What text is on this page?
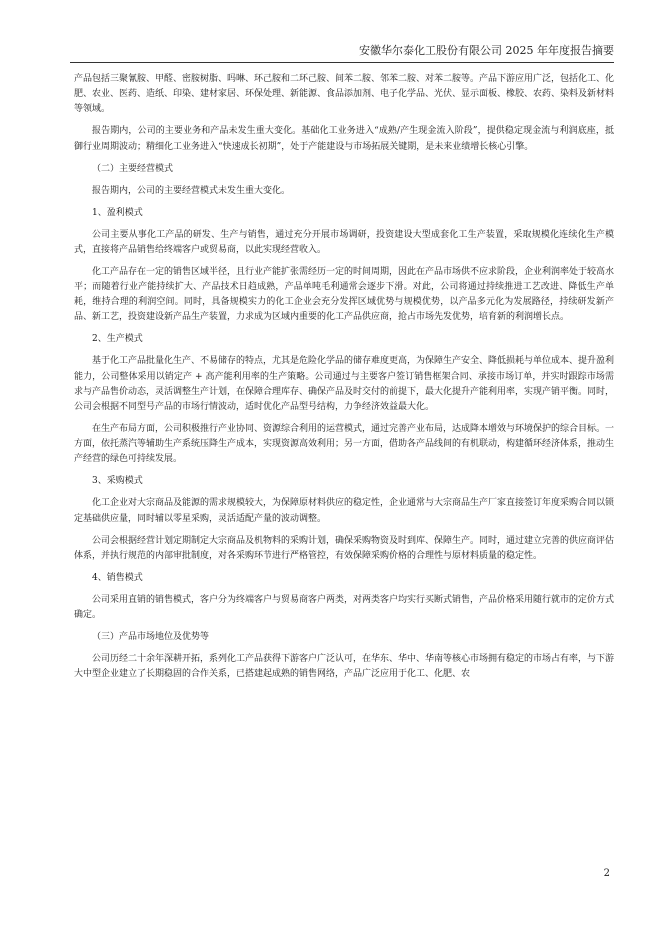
安徽华尔泰化工股份有限公司 2025 年年度报告摘要

产品包括三聚氰胺、甲醛、密胺树脂、吗啉、环己胺和二环己胺、间苯二胺、邻苯二胺、对苯二胺等。产品下游应用广泛，包括化工、化肥、农业、医药、造纸、印染、建材家居、环保处理、新能源、食品添加剂、电子化学品、光伏、显示面板、橡胶、农药、染料及新材料等领域。

报告期内，公司的主要业务和产品未发生重大变化。基础化工业务进入“成熟/产生现金流入阶段”，提供稳定现金流与利润底座，抵御行业周期波动；精细化工业务进入“快速成长初期”，处于产能建设与市场拓展关键期，是未来业绩增长核心引擎。

（二）主要经营模式

报告期内，公司的主要经营模式未发生重大变化。

1、盈利模式

公司主要从事化工产品的研发、生产与销售，通过充分开展市场调研，投资建设大型成套化工生产装置，采取规模化连续化生产模式，直接将产品销售给终端客户或贸易商，以此实现经营收入。

化工产品存在一定的销售区域半径，且行业产能扩张需经历一定的时间周期，因此在产品市场供不应求阶段，企业利润率处于较高水平；而随着行业产能持续扩大、产品技术日趋成熟，产品单吨毛利通常会逐步下滑。对此，公司将通过持续推进工艺改进、降低生产单耗，维持合理的利润空间。同时，具备规模实力的化工企业会充分发挥区域优势与规模优势，以产品多元化为发展路径，持续研发新产品、新工艺，投资建设新产品生产装置，力求成为区域内重要的化工产品供应商，抢占市场先发优势，培育新的利润增长点。

2、生产模式

基于化工产品批量化生产、不易储存的特点，尤其是危险化学品的储存难度更高，为保障生产安全、降低损耗与单位成本、提升盈利能力，公司整体采用以销定产 + 高产能利用率的生产策略。公司通过与主要客户签订销售框架合同、承接市场订单，并实时跟踪市场需求与产品售价动态，灵活调整生产计划，在保障合理库存、确保产品及时交付的前提下，最大化提升产能利用率，实现产销平衡。同时，公司会根据不同型号产品的市场行情波动，适时优化产品型号结构，力争经济效益最大化。

在生产布局方面，公司积极推行产业协同、资源综合利用的运营模式，通过完善产业布局，达成降本增效与环境保护的综合目标。一方面，依托蒸汽等辅助生产系统压降生产成本，实现资源高效利用；另一方面，借助各产品线间的有机联动，构建循环经济体系，推动生产经营的绿色可持续发展。

3、采购模式

化工企业对大宗商品及能源的需求规模较大，为保障原材料供应的稳定性，企业通常与大宗商品生产厂家直接签订年度采购合同以锁定基础供应量，同时辅以零星采购，灵活适配产量的波动调整。

公司会根据经营计划定期制定大宗商品及机物料的采购计划，确保采购物资及时到库、保障生产。同时，通过建立完善的供应商评估体系，并执行规范的内部审批制度，对各采购环节进行严格管控，有效保障采购价格的合理性与原材料质量的稳定性。

4、销售模式

公司采用直销的销售模式，客户分为终端客户与贸易商客户两类，对两类客户均实行买断式销售，产品价格采用随行就市的定价方式确定。

（三）产品市场地位及优势等

公司历经二十余年深耕开拓，系列化工产品获得下游客户广泛认可，在华东、华中、华南等核心市场拥有稳定的市场占有率，与下游大中型企业建立了长期稳固的合作关系，已搭建起成熟的销售网络，产品广泛应用于化工、化肥、农

2
